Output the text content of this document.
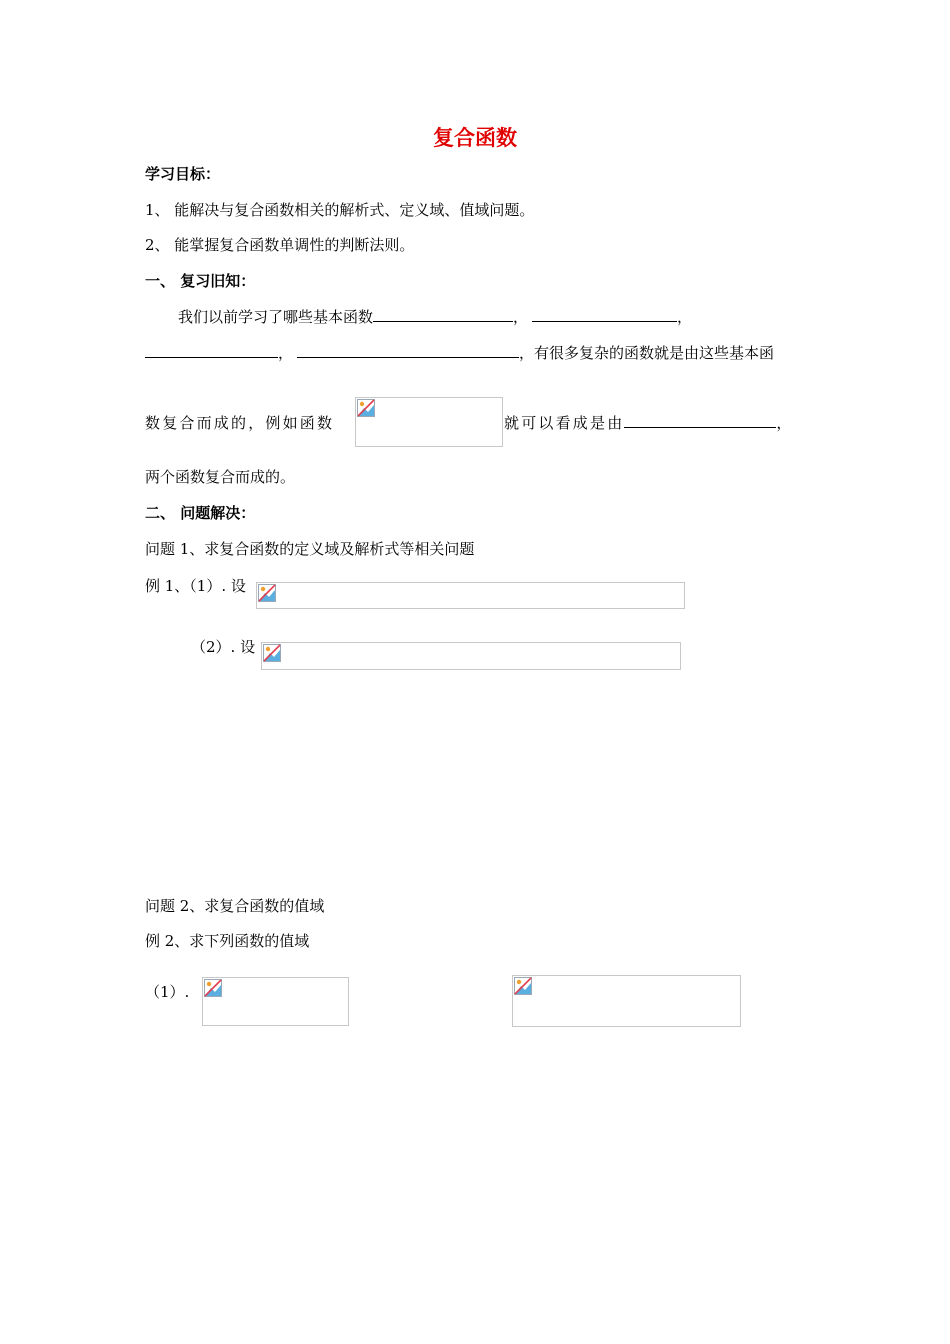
复合函数
学习目标：
1、 能解决与复合函数相关的解析式、定义域、值域问题。
2、 能掌握复合函数单调性的判断法则。
一、 复习旧知：
我们以前学习了哪些基本函数	，	，
，	，有很多复杂的函数就是由这些基本函
数复合而成的，例如函数	就可以看成是由	，
两个函数复合而成的。
二、 问题解决：
问题 1、求复合函数的定义域及解析式等相关问题
例 1、（1）. 设
（2）. 设
问题 2、求复合函数的值域
例 2、求下列函数的值域
（1）.
